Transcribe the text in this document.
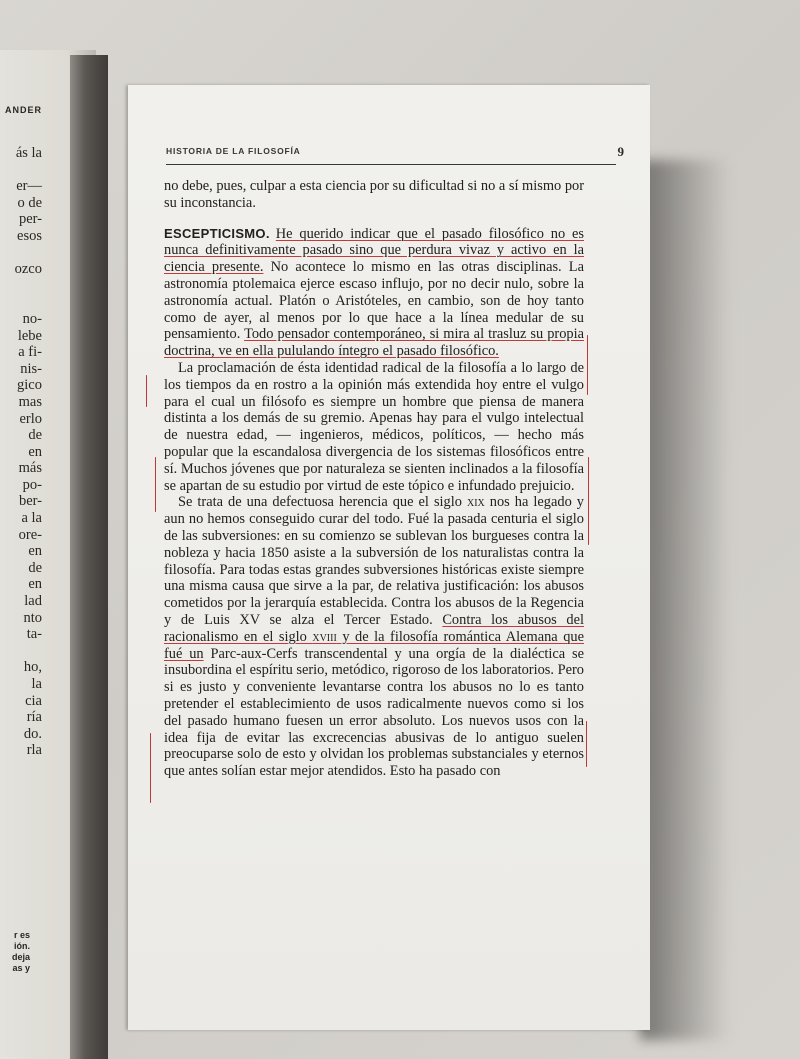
ANDER
ás la

er—
o de
per-
esos

ozco

no-
lebe
a fi-
nis-
gico
mas
erlo
de
en
más
po-
ber-
a la
ore-
en
de
en
lad
nto
ta-

ho,
la
cia
ría
do.
rla
r es
ión.
deja
as y
HISTORIA DE LA FILOSOFÍA	9

no debe, pues, culpar a esta ciencia por su dificultad si no a sí mismo por su inconstancia.

ESCEPTICISMO. He querido indicar que el pasado filosófico no es nunca definitivamente pasado sino que perdura vivaz y activo en la ciencia presente. No acontece lo mismo en las otras disciplinas. La astronomía ptolemaica ejerce escaso influjo, por no decir nulo, sobre la astronomía actual. Platón o Aristóteles, en cambio, son de hoy tanto como de ayer, al menos por lo que hace a la línea medular de su pensamiento. Todo pensador contemporáneo, si mira al trasluz su propia doctrina, ve en ella pululando íntegro el pasado filosófico.

La proclamación de ésta identidad radical de la filosofía a lo largo de los tiempos da en rostro a la opinión más extendida hoy entre el vulgo para el cual un filósofo es siempre un hombre que piensa de manera distinta a los demás de su gremio. Apenas hay para el vulgo intelectual de nuestra edad, — ingenieros, médicos, políticos, — hecho más popular que la escandalosa divergencia de los sistemas filosóficos entre sí. Muchos jóvenes que por naturaleza se sienten inclinados a la filosofía se apartan de su estudio por virtud de este tópico e infundado prejuicio.

Se trata de una defectuosa herencia que el siglo xix nos ha legado y aun no hemos conseguido curar del todo. Fué la pasada centuria el siglo de las subversiones: en su comienzo se sublevan los burgueses contra la nobleza y hacia 1850 asiste a la subversión de los naturalistas contra la filosofía. Para todas estas grandes subversiones históricas existe siempre una misma causa que sirve a la par, de relativa justificación: los abusos cometidos por la jerarquía establecida. Contra los abusos de la Regencia y de Luis XV se alza el Tercer Estado. Contra los abusos del racionalismo en el siglo xviii y de la filosofía romántica Alemana que fué un Parc-aux-Cerfs transcendental y una orgía de la dialéctica se insubordina el espíritu serio, metódico, rigoroso de los laboratorios. Pero si es justo y conveniente levantarse contra los abusos no lo es tanto pretender el establecimiento de usos radicalmente nuevos como si los del pasado humano fuesen un error absoluto. Los nuevos usos con la idea fija de evitar las excrecencias abusivas de lo antiguo suelen preocuparse solo de esto y olvidan los problemas substanciales y eternos que antes solían estar mejor atendidos. Esto ha pasado con
